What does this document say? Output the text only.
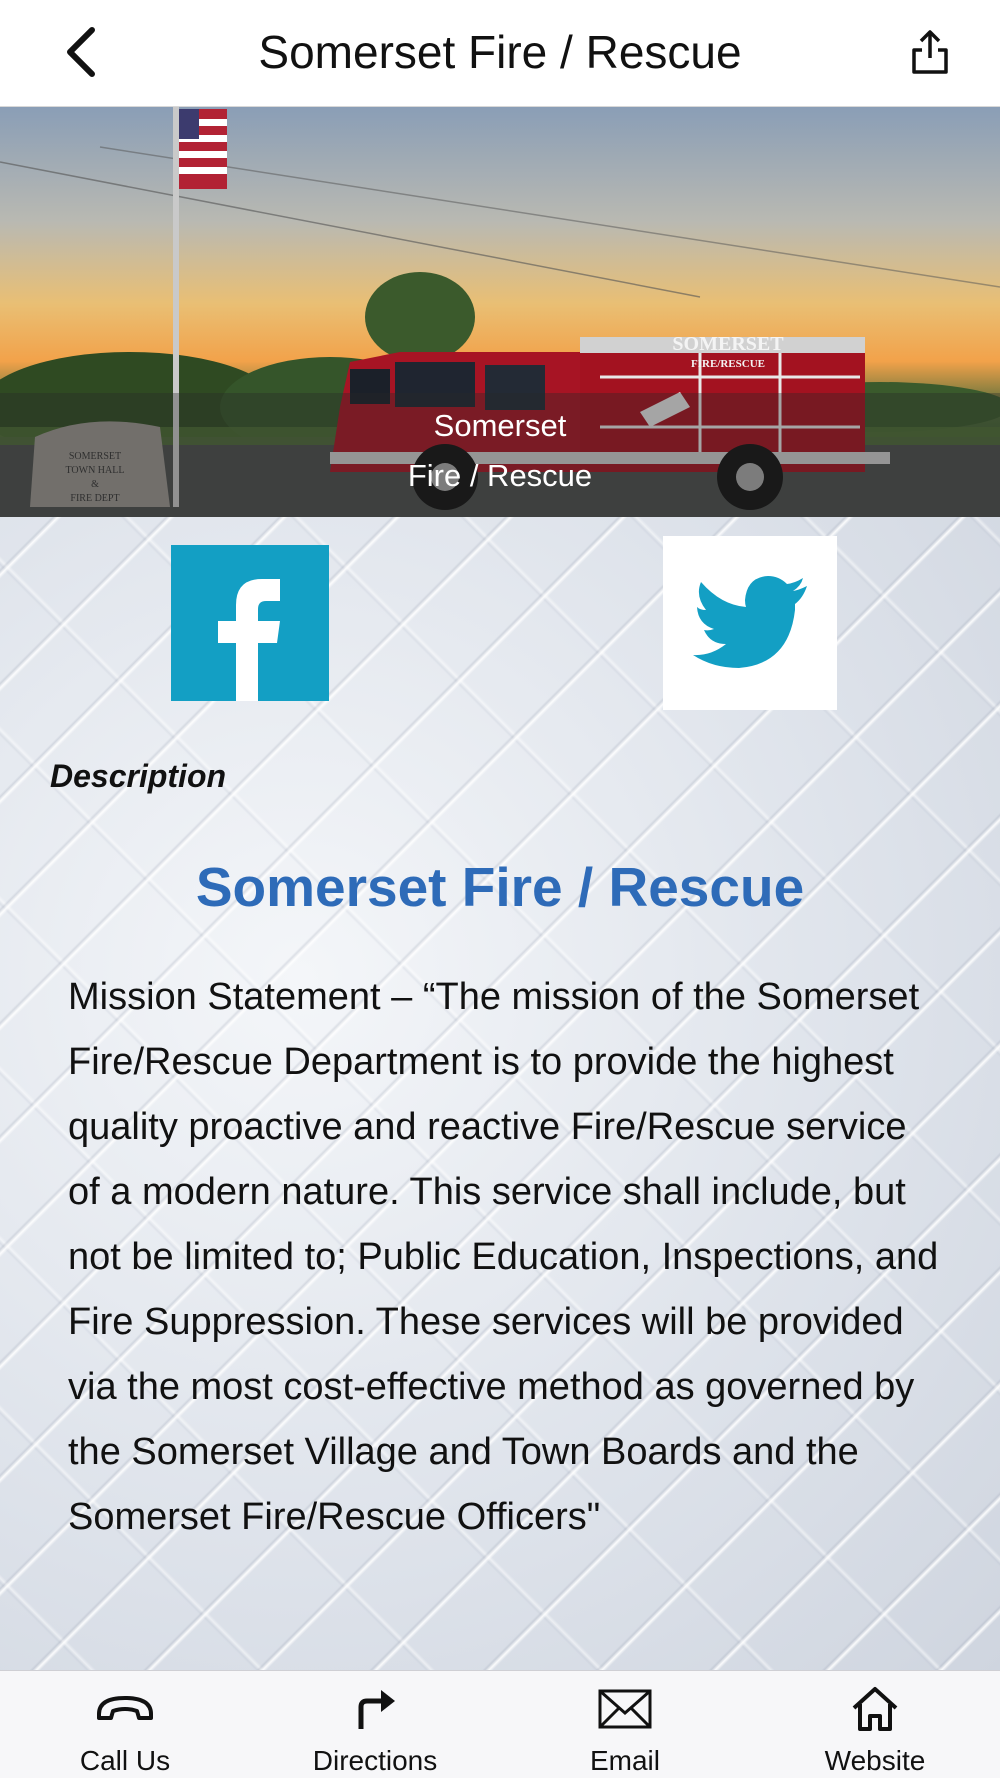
Somerset Fire / Rescue
SOMERSET
TOWN HALL
&
FIRE DEPT
SOMERSET
FIRE/RESCUE
Somerset
Fire / Rescue
Description
Somerset Fire / Rescue
Mission Statement – “The mission of the Somerset Fire/Rescue Department is to provide the highest quality proactive and reactive Fire/Rescue service of a modern nature. This service shall include, but not be limited to; Public Education, Inspections, and Fire Suppression. These services will be provided via the most cost-effective method as governed by the Somerset Village and Town Boards and the Somerset Fire/Rescue Officers"
Call Us	Directions	Email	Website
